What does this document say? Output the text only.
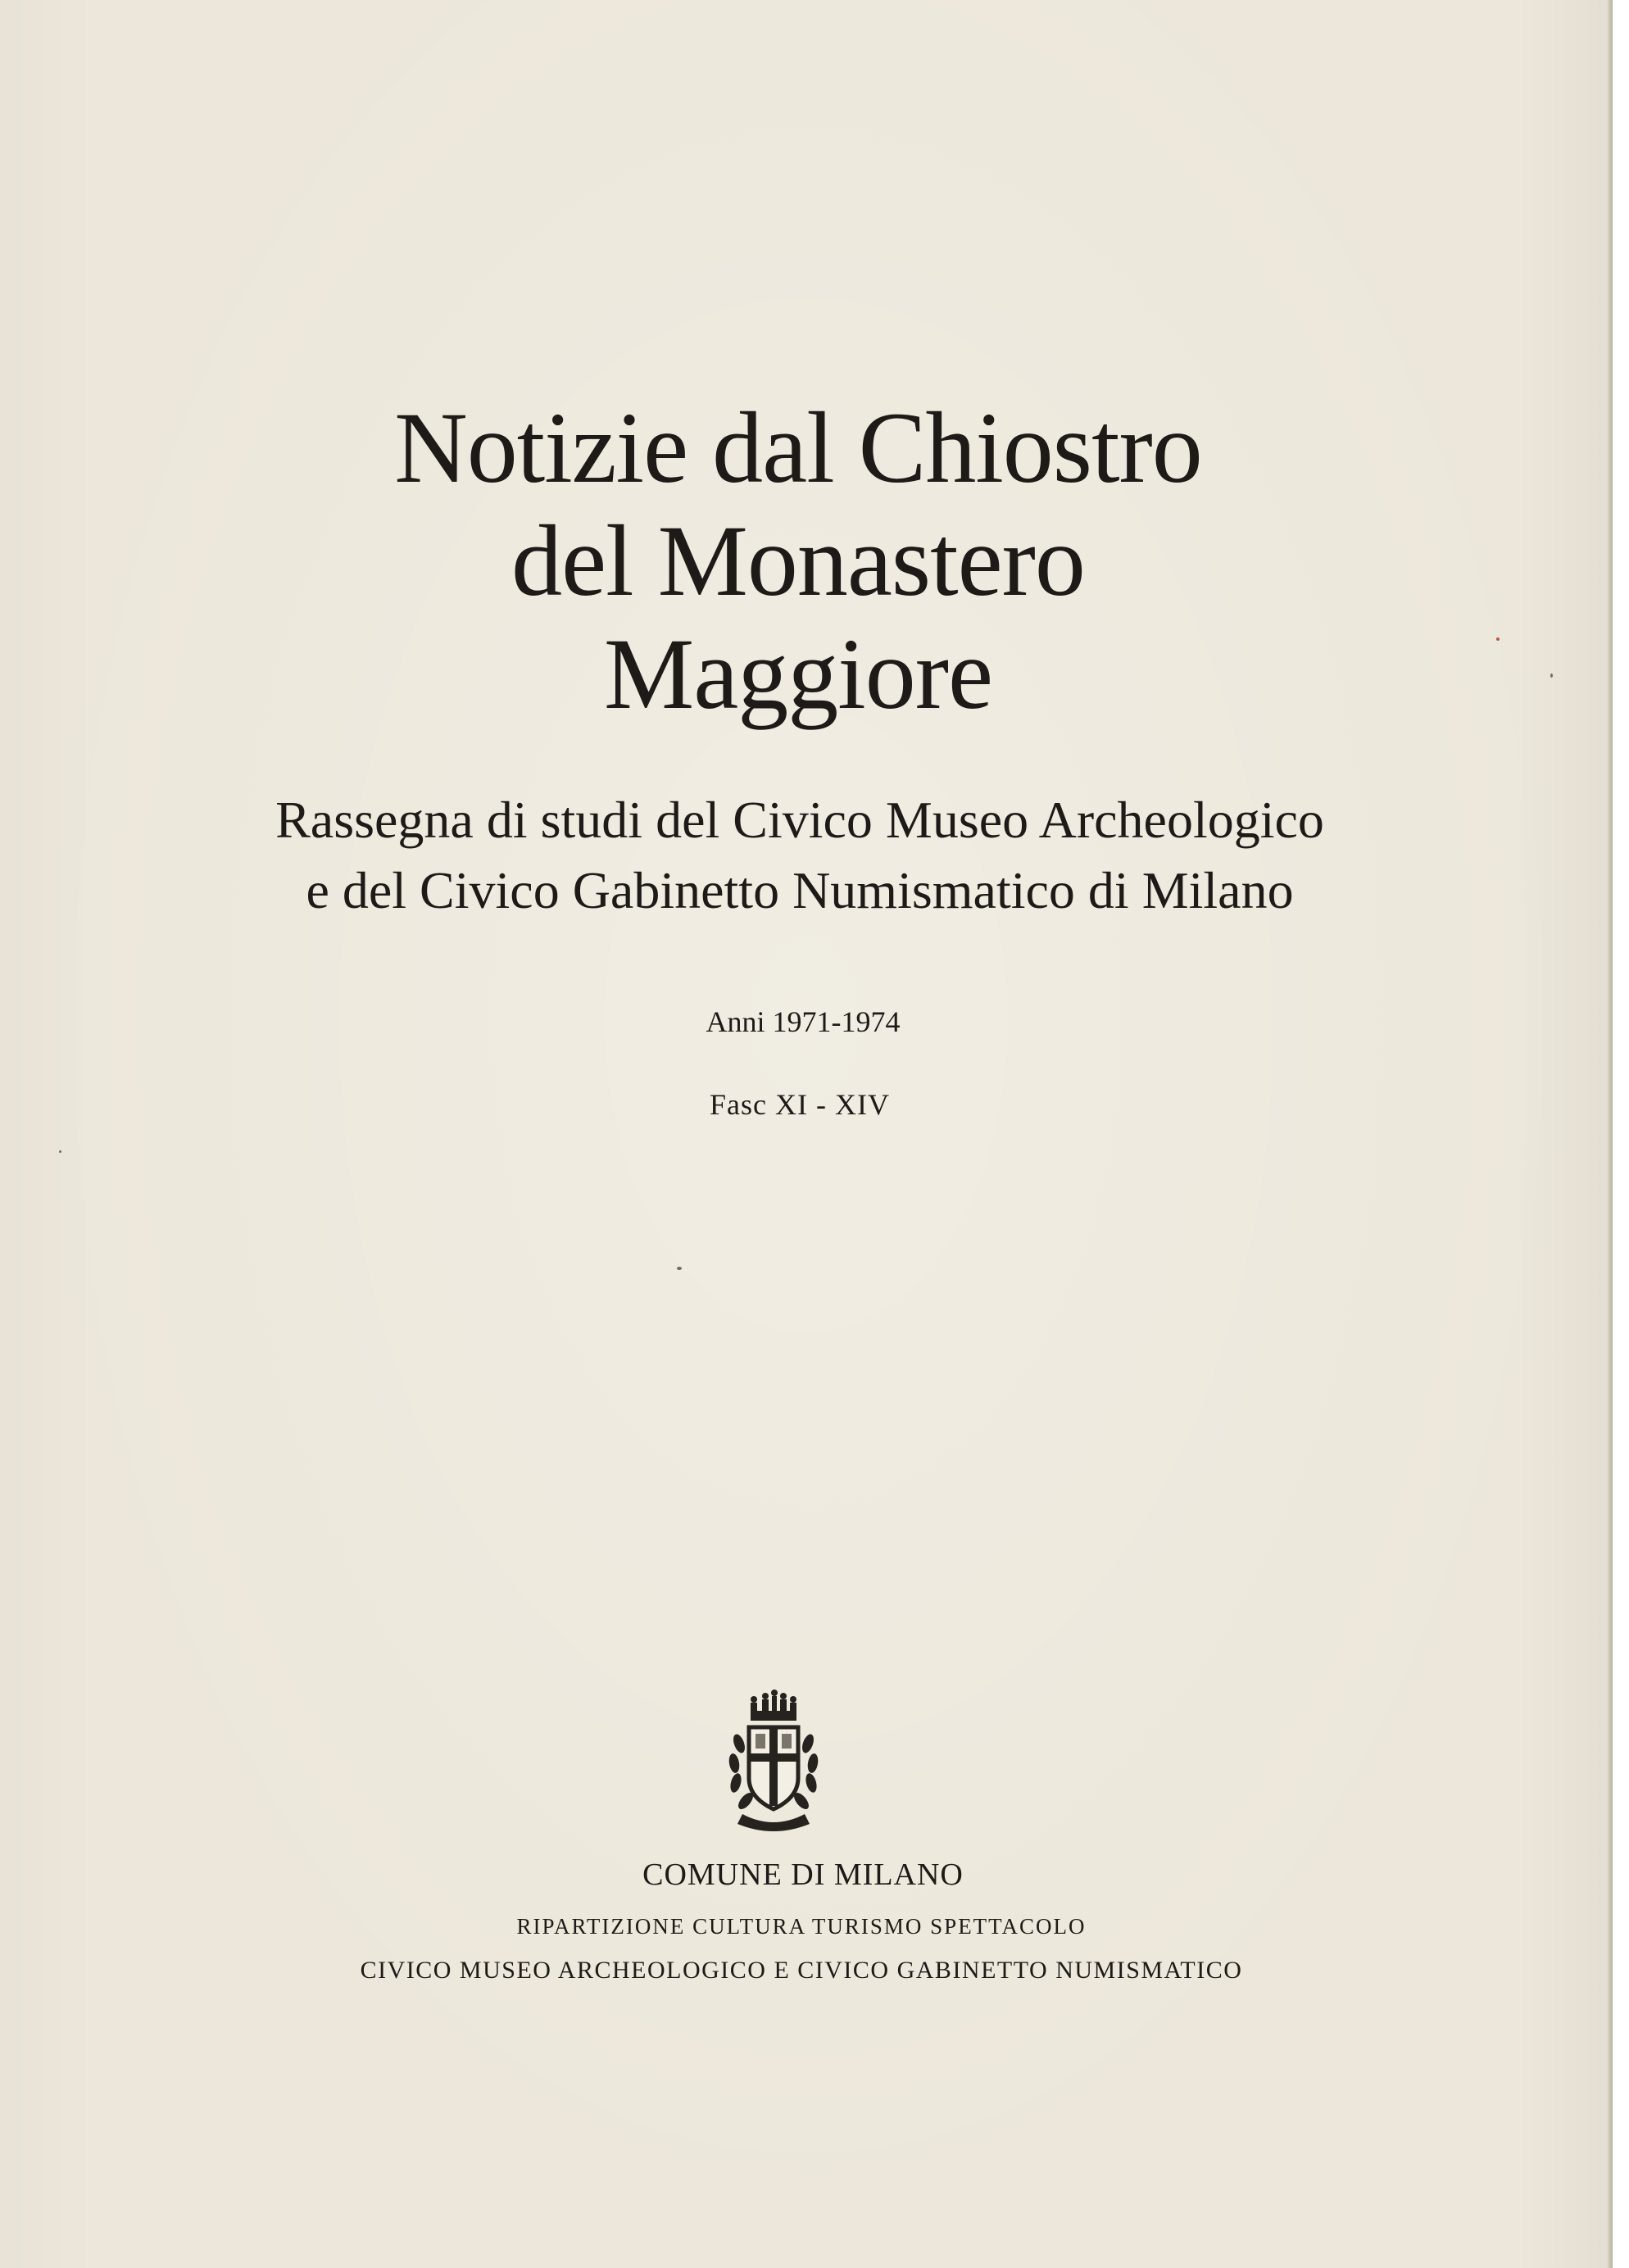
Notizie dal Chiostro
del Monastero
Maggiore
Rassegna di studi del Civico Museo Archeologico
e del Civico Gabinetto Numismatico di Milano
Anni 1971-1974
Fasc XI - XIV
COMUNE DI MILANO
RIPARTIZIONE CULTURA TURISMO SPETTACOLO
CIVICO MUSEO ARCHEOLOGICO E CIVICO GABINETTO NUMISMATICO
